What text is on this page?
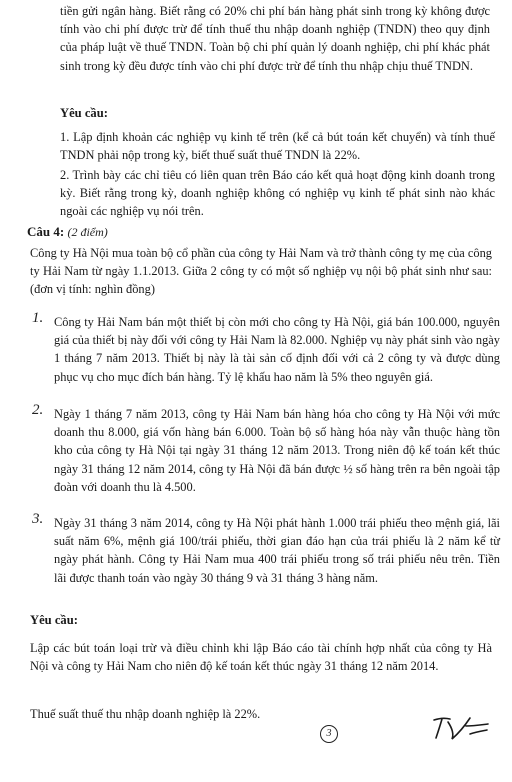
tiền gửi ngân hàng. Biết rằng có 20% chi phí bán hàng phát sinh trong kỳ không được tính vào chi phí được trừ để tính thuế thu nhập doanh nghiệp (TNDN) theo quy định của pháp luật về thuế TNDN. Toàn bộ chi phí quản lý doanh nghiệp, chi phí khác phát sinh trong kỳ đều được tính vào chi phí được trừ để tính thu nhập chịu thuế TNDN.

Yêu cầu:

1. Lập định khoản các nghiệp vụ kinh tế trên (kể cả bút toán kết chuyển) và tính thuế TNDN phải nộp trong kỳ, biết thuế suất thuế TNDN là 22%.

2. Trình bày các chỉ tiêu có liên quan trên Báo cáo kết quả hoạt động kinh doanh trong kỳ. Biết rằng trong kỳ, doanh nghiệp không có nghiệp vụ kinh tế phát sinh nào khác ngoài các nghiệp vụ nói trên.

Câu 4: (2 điểm)

Công ty Hà Nội mua toàn bộ cổ phần của công ty Hải Nam và trở thành công ty mẹ của công ty Hải Nam từ ngày 1.1.2013. Giữa 2 công ty có một số nghiệp vụ nội bộ phát sinh như sau: (đơn vị tính: nghìn đồng)

1. Công ty Hải Nam bán một thiết bị còn mới cho công ty Hà Nội, giá bán 100.000, nguyên giá của thiết bị này đối với công ty Hải Nam là 82.000. Nghiệp vụ này phát sinh vào ngày 1 tháng 7 năm 2013. Thiết bị này là tài sản cố định đối với cả 2 công ty và được dùng phục vụ cho mục đích bán hàng. Tỷ lệ khấu hao năm là 5% theo nguyên giá.

2. Ngày 1 tháng 7 năm 2013, công ty Hải Nam bán hàng hóa cho công ty Hà Nội với mức doanh thu 8.000, giá vốn hàng bán 6.000. Toàn bộ số hàng hóa này vẫn thuộc hàng tồn kho của công ty Hà Nội tại ngày 31 tháng 12 năm 2013. Trong niên độ kế toán kết thúc ngày 31 tháng 12 năm 2014, công ty Hà Nội đã bán được ½ số hàng trên ra bên ngoài tập đoàn với doanh thu là 4.500.

3. Ngày 31 tháng 3 năm 2014, công ty Hà Nội phát hành 1.000 trái phiếu theo mệnh giá, lãi suất năm 6%, mệnh giá 100/trái phiếu, thời gian đáo hạn của trái phiếu là 2 năm kể từ ngày phát hành. Công ty Hải Nam mua 400 trái phiếu trong số trái phiếu nêu trên. Tiền lãi được thanh toán vào ngày 30 tháng 9 và 31 tháng 3 hàng năm.

Yêu cầu:

Lập các bút toán loại trừ và điều chỉnh khi lập Báo cáo tài chính hợp nhất của công ty Hà Nội và công ty Hải Nam cho niên độ kế toán kết thúc ngày 31 tháng 12 năm 2014.

Thuế suất thuế thu nhập doanh nghiệp là 22%.
3
